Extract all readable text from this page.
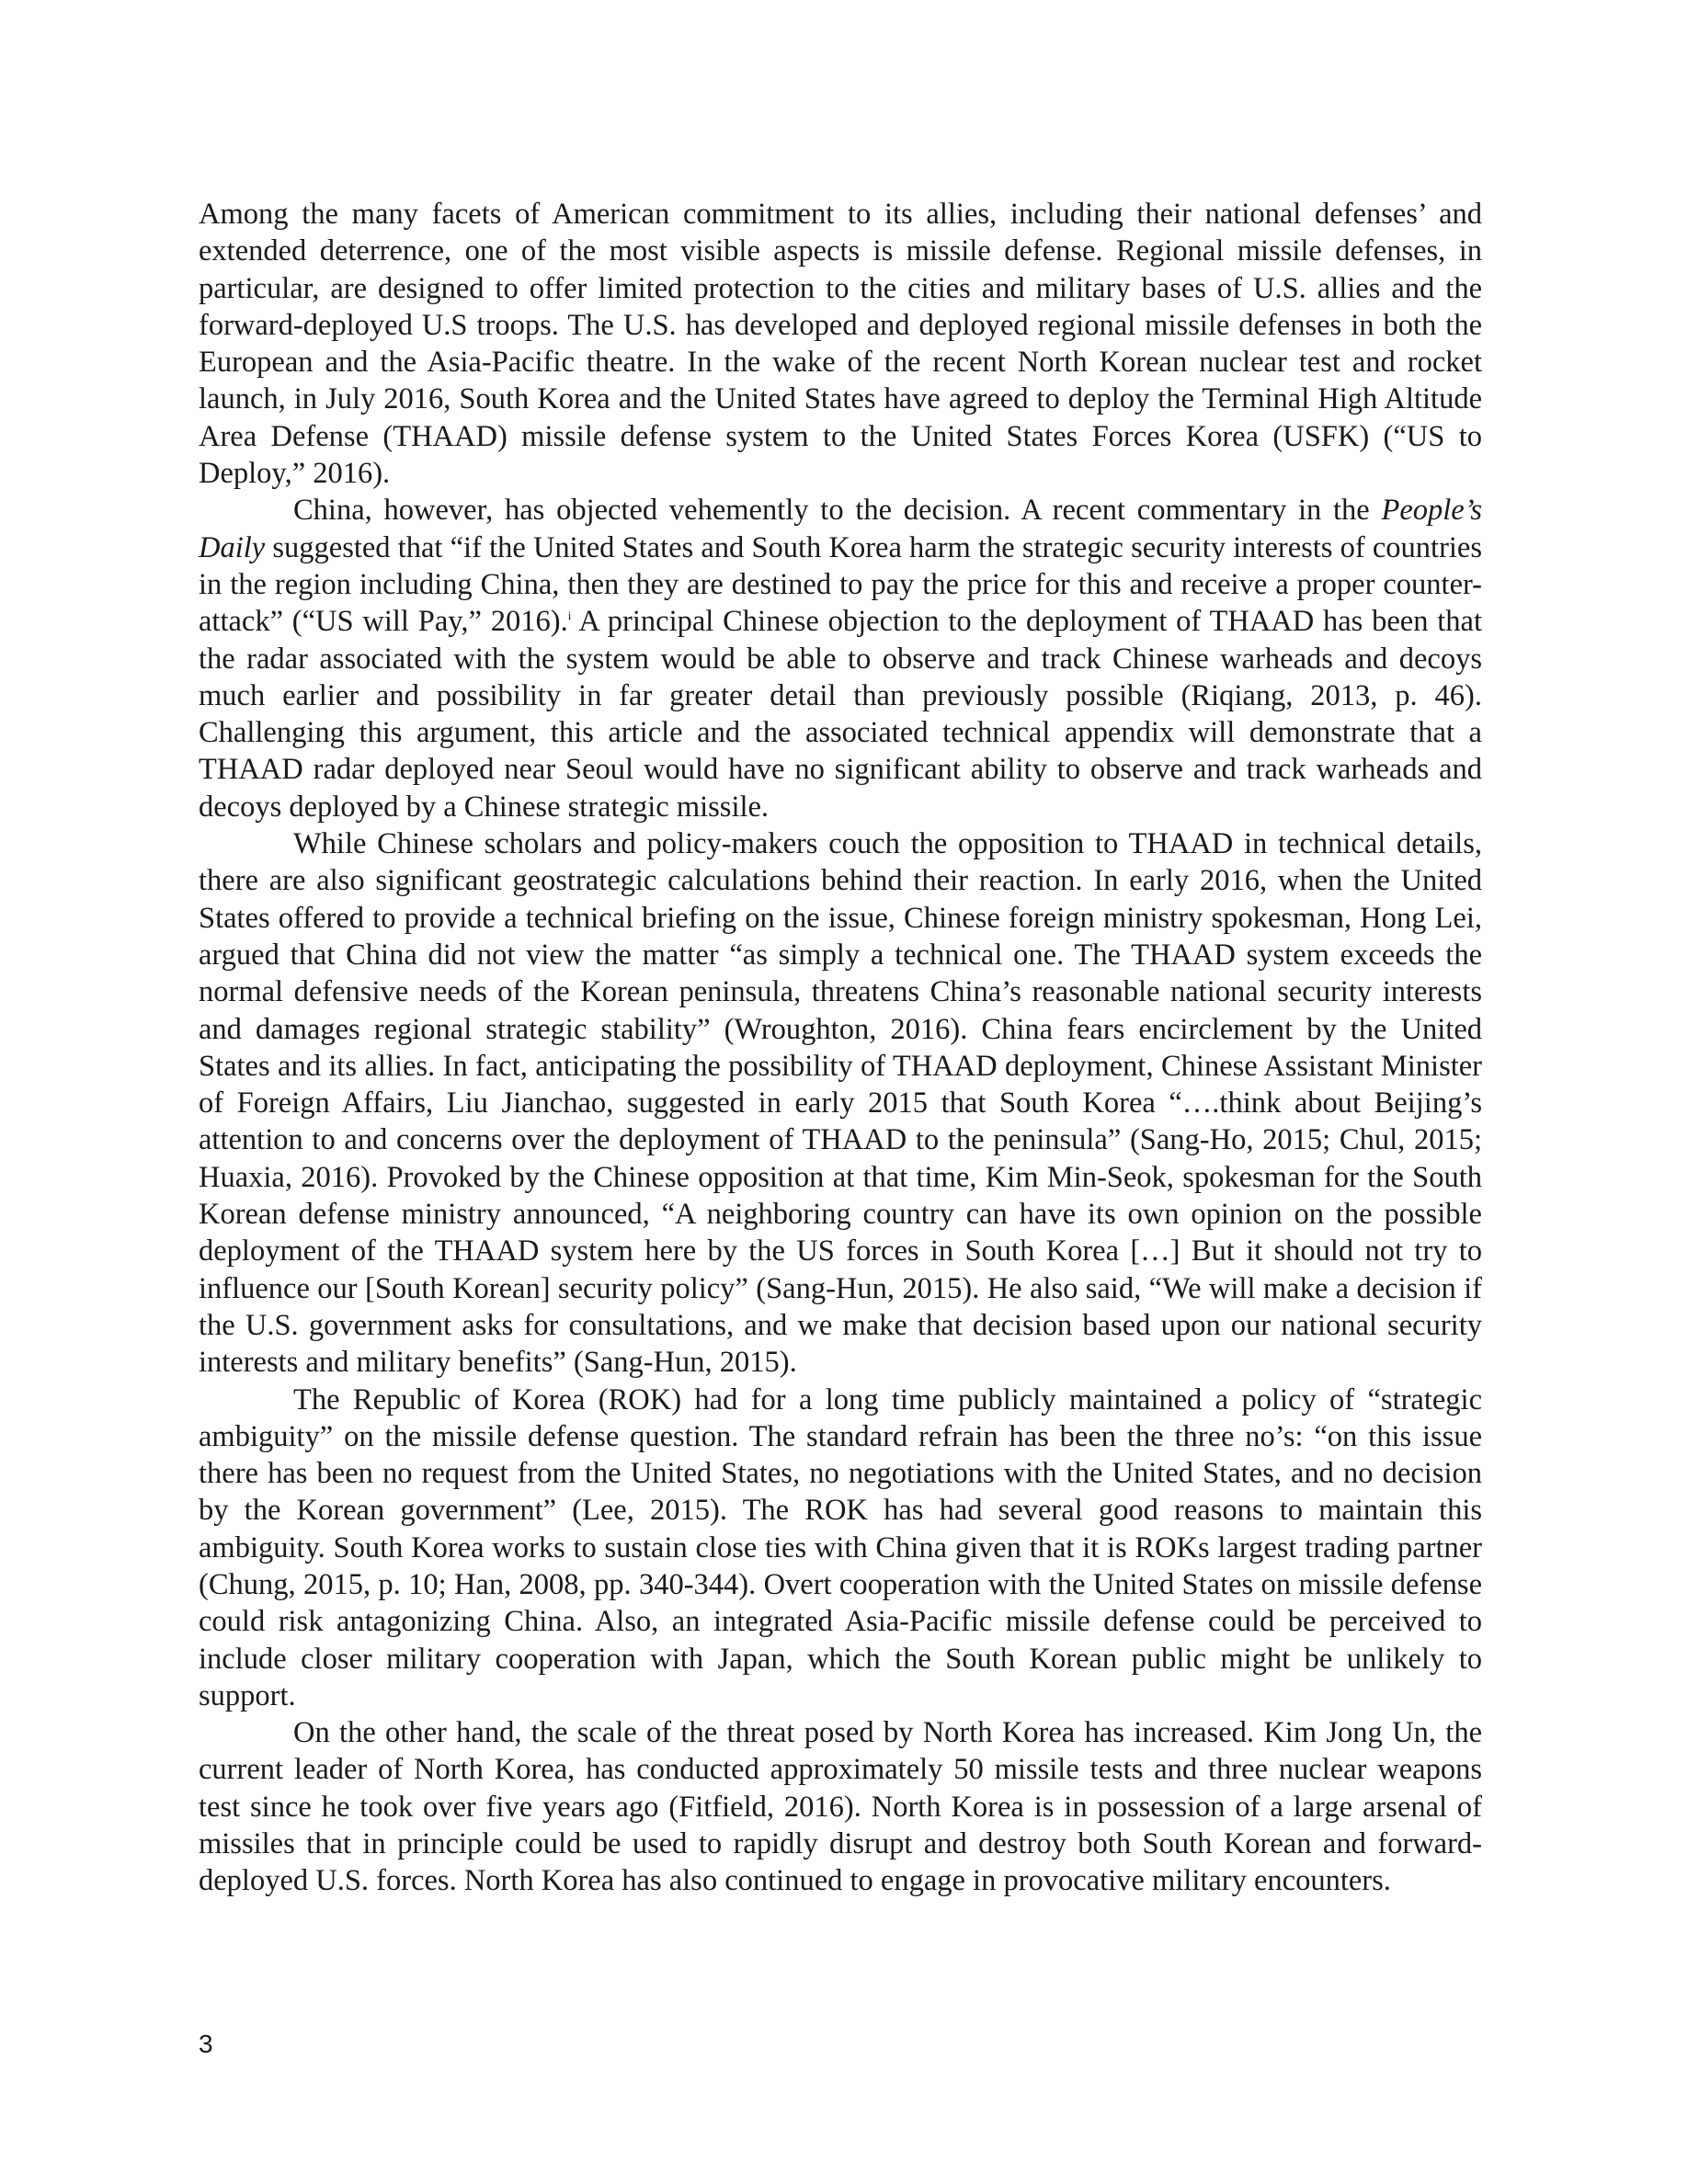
Among the many facets of American commitment to its allies, including their national defenses’ and extended deterrence, one of the most visible aspects is missile defense. Regional missile defenses, in particular, are designed to offer limited protection to the cities and military bases of U.S. allies and the forward-deployed U.S troops. The U.S. has developed and deployed regional missile defenses in both the European and the Asia-Pacific theatre. In the wake of the recent North Korean nuclear test and rocket launch, in July 2016, South Korea and the United States have agreed to deploy the Terminal High Altitude Area Defense (THAAD) missile defense system to the United States Forces Korea (USFK) (“US to Deploy,” 2016).

China, however, has objected vehemently to the decision. A recent commentary in the People’s Daily suggested that “if the United States and South Korea harm the strategic security interests of countries in the region including China, then they are destined to pay the price for this and receive a proper counter-attack” (“US will Pay,” 2016).$^i$ A principal Chinese objection to the deployment of THAAD has been that the radar associated with the system would be able to observe and track Chinese warheads and decoys much earlier and possibility in far greater detail than previously possible (Riqiang, 2013, p. 46). Challenging this argument, this article and the associated technical appendix will demonstrate that a THAAD radar deployed near Seoul would have no significant ability to observe and track warheads and decoys deployed by a Chinese strategic missile.

While Chinese scholars and policy-makers couch the opposition to THAAD in technical details, there are also significant geostrategic calculations behind their reaction. In early 2016, when the United States offered to provide a technical briefing on the issue, Chinese foreign ministry spokesman, Hong Lei, argued that China did not view the matter “as simply a technical one. The THAAD system exceeds the normal defensive needs of the Korean peninsula, threatens China’s reasonable national security interests and damages regional strategic stability” (Wroughton, 2016). China fears encirclement by the United States and its allies. In fact, anticipating the possibility of THAAD deployment, Chinese Assistant Minister of Foreign Affairs, Liu Jianchao, suggested in early 2015 that South Korea “….think about Beijing’s attention to and concerns over the deployment of THAAD to the peninsula” (Sang-Ho, 2015; Chul, 2015; Huaxia, 2016). Provoked by the Chinese opposition at that time, Kim Min-Seok, spokesman for the South Korean defense ministry announced, “A neighboring country can have its own opinion on the possible deployment of the THAAD system here by the US forces in South Korea […] But it should not try to influence our [South Korean] security policy” (Sang-Hun, 2015). He also said, “We will make a decision if the U.S. government asks for consultations, and we make that decision based upon our national security interests and military benefits” (Sang-Hun, 2015).

The Republic of Korea (ROK) had for a long time publicly maintained a policy of “strategic ambiguity” on the missile defense question. The standard refrain has been the three no’s: “on this issue there has been no request from the United States, no negotiations with the United States, and no decision by the Korean government” (Lee, 2015). The ROK has had several good reasons to maintain this ambiguity. South Korea works to sustain close ties with China given that it is ROKs largest trading partner (Chung, 2015, p. 10; Han, 2008, pp. 340-344). Overt cooperation with the United States on missile defense could risk antagonizing China. Also, an integrated Asia-Pacific missile defense could be perceived to include closer military cooperation with Japan, which the South Korean public might be unlikely to support.

On the other hand, the scale of the threat posed by North Korea has increased. Kim Jong Un, the current leader of North Korea, has conducted approximately 50 missile tests and three nuclear weapons test since he took over five years ago (Fitfield, 2016). North Korea is in possession of a large arsenal of missiles that in principle could be used to rapidly disrupt and destroy both South Korean and forward-deployed U.S. forces. North Korea has also continued to engage in provocative military encounters.

3
